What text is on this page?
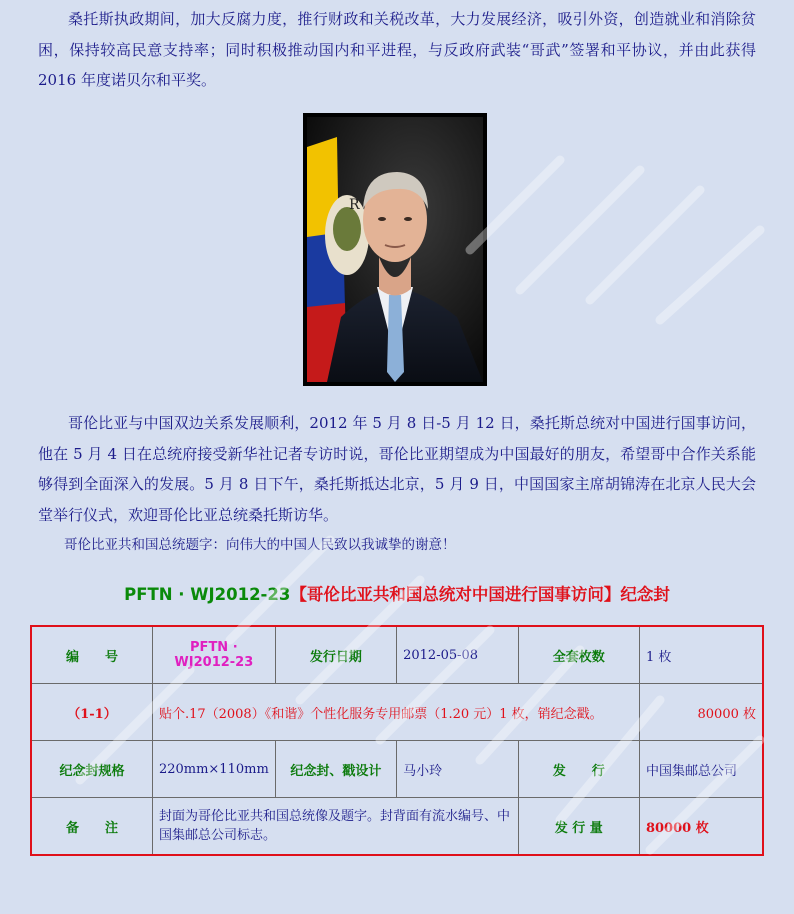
桑托斯执政期间，加大反腐力度，推行财政和关税改革，大力发展经济，吸引外资，创造就业和消除贫困，保持较高民意支持率；同时积极推动国内和平进程，与反政府武装“哥武”签署和平协议，并由此获得 2016 年度诺贝尔和平奖。

R

哥伦比亚与中国双边关系发展顺利，2012 年 5 月 8 日-5 月 12 日，桑托斯总统对中国进行国事访问，他在 5 月 4 日在总统府接受新华社记者专访时说，哥伦比亚期望成为中国最好的朋友，希望哥中合作关系能够得到全面深入的发展。5 月 8 日下午，桑托斯抵达北京，5 月 9 日，中国国家主席胡锦涛在北京人民大会堂举行仪式，欢迎哥伦比亚总统桑托斯访华。

哥伦比亚共和国总统题字：向伟大的中国人民致以我诚挚的谢意！

PFTN · WJ2012-23【哥伦比亚共和国总统对中国进行国事访问】纪念封
编　　号	PFTN · WJ2012-23	发行日期	2012-05-08	全套枚数	1 枚
（1-1）	贴个.17（2008）《和谐》个性化服务专用邮票（1.20 元）1 枚，销纪念戳。				80000 枚
纪念封规格	220mm×110mm	纪念封、戳设计	马小玲	发　　行	中国集邮总公司
备　　注	封面为哥伦比亚共和国总统像及题字。封背面有流水编号、中国集邮总公司标志。			发 行 量	80000 枚
